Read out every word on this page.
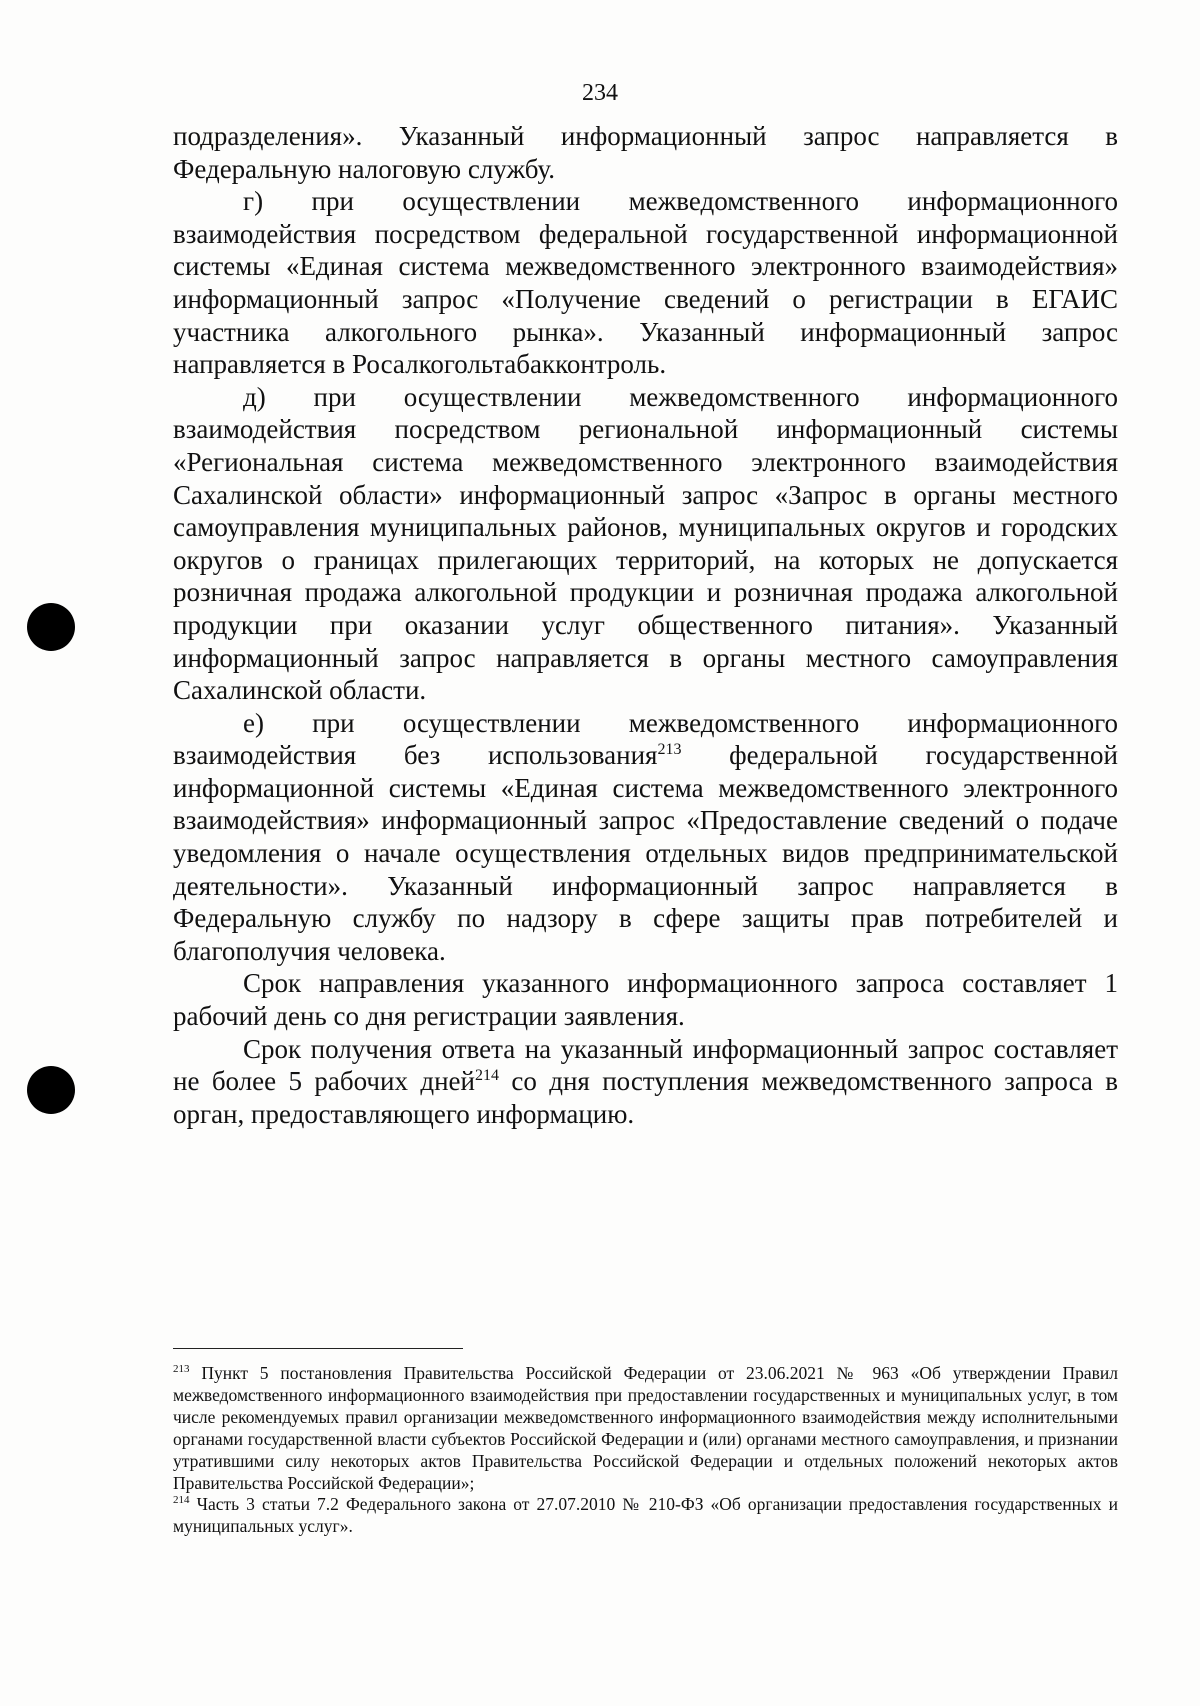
234

подразделения». Указанный информационный запрос направляется в Федеральную налоговую службу.

г) при осуществлении межведомственного информационного взаимодействия посредством федеральной государственной информационной системы «Единая система межведомственного электронного взаимодействия» информационный запрос «Получение сведений о регистрации в ЕГАИС участника алкогольного рынка». Указанный информационный запрос направляется в Росалкогольтабакконтроль.

д) при осуществлении межведомственного информационного взаимодействия посредством региональной информационный системы «Региональная система межведомственного электронного взаимодействия Сахалинской области» информационный запрос «Запрос в органы местного самоуправления муниципальных районов, муниципальных округов и городских округов о границах прилегающих территорий, на которых не допускается розничная продажа алкогольной продукции и розничная продажа алкогольной продукции при оказании услуг общественного питания». Указанный информационный запрос направляется в органы местного самоуправления Сахалинской области.

е) при осуществлении межведомственного информационного взаимодействия без использования$^{213}$ федеральной государственной информационной системы «Единая система межведомственного электронного взаимодействия» информационный запрос «Предоставление сведений о подаче уведомления о начале осуществления отдельных видов предпринимательской деятельности». Указанный информационный запрос направляется в Федеральную службу по надзору в сфере защиты прав потребителей и благополучия человека.

Срок направления указанного информационного запроса составляет 1 рабочий день со дня регистрации заявления.

Срок получения ответа на указанный информационный запрос составляет не более 5 рабочих дней$^{214}$ со дня поступления межведомственного запроса в орган, предоставляющего информацию.

$^{213}$ Пункт 5 постановления Правительства Российской Федерации от 23.06.2021 № 963 «Об утверждении Правил межведомственного информационного взаимодействия при предоставлении государственных и муниципальных услуг, в том числе рекомендуемых правил организации межведомственного информационного взаимодействия между исполнительными органами государственной власти субъектов Российской Федерации и (или) органами местного самоуправления, и признании утратившими силу некоторых актов Правительства Российской Федерации и отдельных положений некоторых актов Правительства Российской Федерации»;

$^{214}$ Часть 3 статьи 7.2 Федерального закона от 27.07.2010 № 210-ФЗ «Об организации предоставления государственных и муниципальных услуг».
